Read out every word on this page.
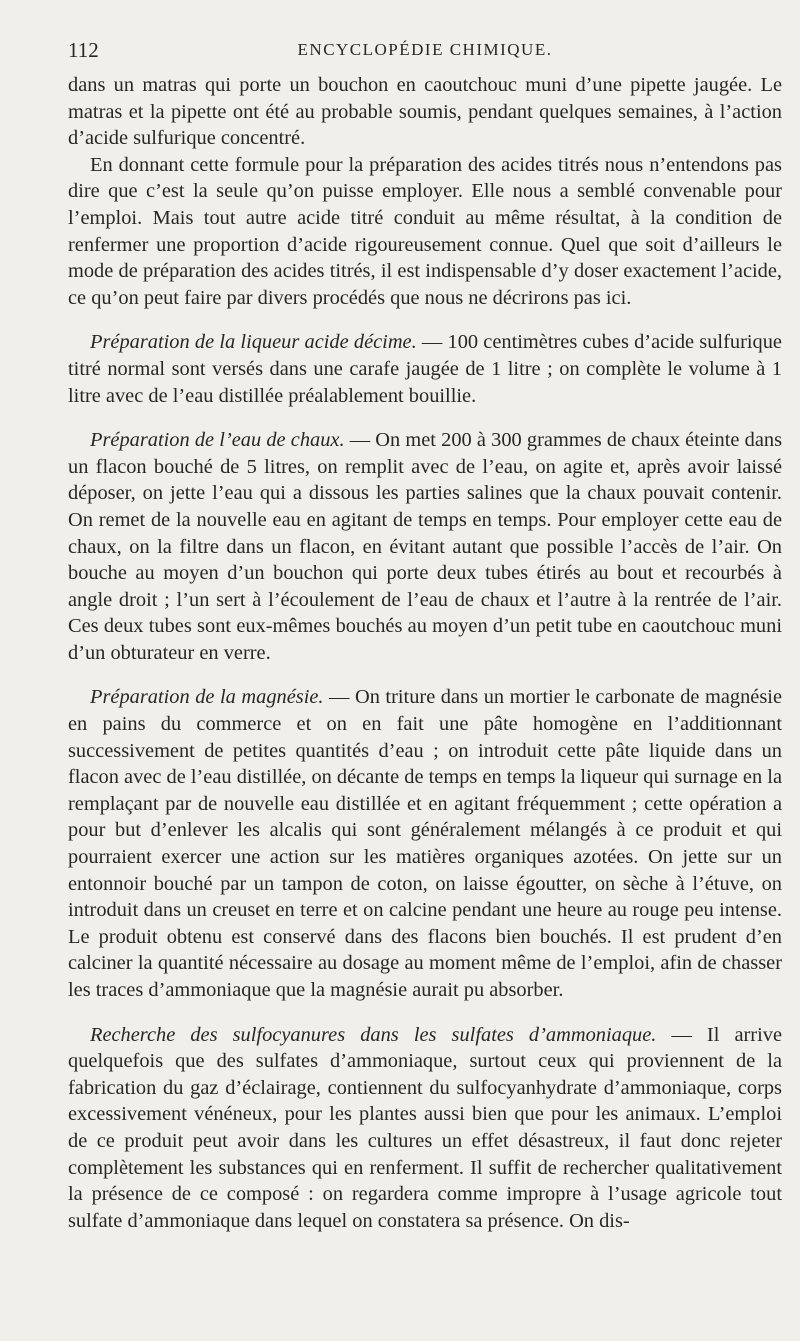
112	ENCYCLOPÉDIE CHIMIQUE.

dans un matras qui porte un bouchon en caoutchouc muni d’une pipette jaugée. Le matras et la pipette ont été au probable soumis, pendant quelques semaines, à l’action d’acide sulfurique concentré.

En donnant cette formule pour la préparation des acides titrés nous n’entendons pas dire que c’est la seule qu’on puisse employer. Elle nous a semblé convenable pour l’emploi. Mais tout autre acide titré conduit au même résultat, à la condition de renfermer une proportion d’acide rigoureusement connue. Quel que soit d’ailleurs le mode de préparation des acides titrés, il est indispensable d’y doser exactement l’acide, ce qu’on peut faire par divers procédés que nous ne décrirons pas ici.

Préparation de la liqueur acide décime. — 100 centimètres cubes d’acide sulfurique titré normal sont versés dans une carafe jaugée de 1 litre ; on complète le volume à 1 litre avec de l’eau distillée préalablement bouillie.

Préparation de l’eau de chaux. — On met 200 à 300 grammes de chaux éteinte dans un flacon bouché de 5 litres, on remplit avec de l’eau, on agite et, après avoir laissé déposer, on jette l’eau qui a dissous les parties salines que la chaux pouvait contenir. On remet de la nouvelle eau en agitant de temps en temps. Pour employer cette eau de chaux, on la filtre dans un flacon, en évitant autant que possible l’accès de l’air. On bouche au moyen d’un bouchon qui porte deux tubes étirés au bout et recourbés à angle droit ; l’un sert à l’écoulement de l’eau de chaux et l’autre à la rentrée de l’air. Ces deux tubes sont eux-mêmes bouchés au moyen d’un petit tube en caoutchouc muni d’un obturateur en verre.

Préparation de la magnésie. — On triture dans un mortier le carbonate de magnésie en pains du commerce et on en fait une pâte homogène en l’additionnant successivement de petites quantités d’eau ; on introduit cette pâte liquide dans un flacon avec de l’eau distillée, on décante de temps en temps la liqueur qui surnage en la remplaçant par de nouvelle eau distillée et en agitant fréquemment ; cette opération a pour but d’enlever les alcalis qui sont généralement mélangés à ce produit et qui pourraient exercer une action sur les matières organiques azotées. On jette sur un entonnoir bouché par un tampon de coton, on laisse égoutter, on sèche à l’étuve, on introduit dans un creuset en terre et on calcine pendant une heure au rouge peu intense. Le produit obtenu est conservé dans des flacons bien bouchés. Il est prudent d’en calciner la quantité nécessaire au dosage au moment même de l’emploi, afin de chasser les traces d’ammoniaque que la magnésie aurait pu absorber.

Recherche des sulfocyanures dans les sulfates d’ammoniaque. — Il arrive quelquefois que des sulfates d’ammoniaque, surtout ceux qui proviennent de la fabrication du gaz d’éclairage, contiennent du sulfocyanhydrate d’ammoniaque, corps excessivement vénéneux, pour les plantes aussi bien que pour les animaux. L’emploi de ce produit peut avoir dans les cultures un effet désastreux, il faut donc rejeter complètement les substances qui en renferment. Il suffit de rechercher qualitativement la présence de ce composé : on regardera comme impropre à l’usage agricole tout sulfate d’ammoniaque dans lequel on constatera sa présence. On dis-
